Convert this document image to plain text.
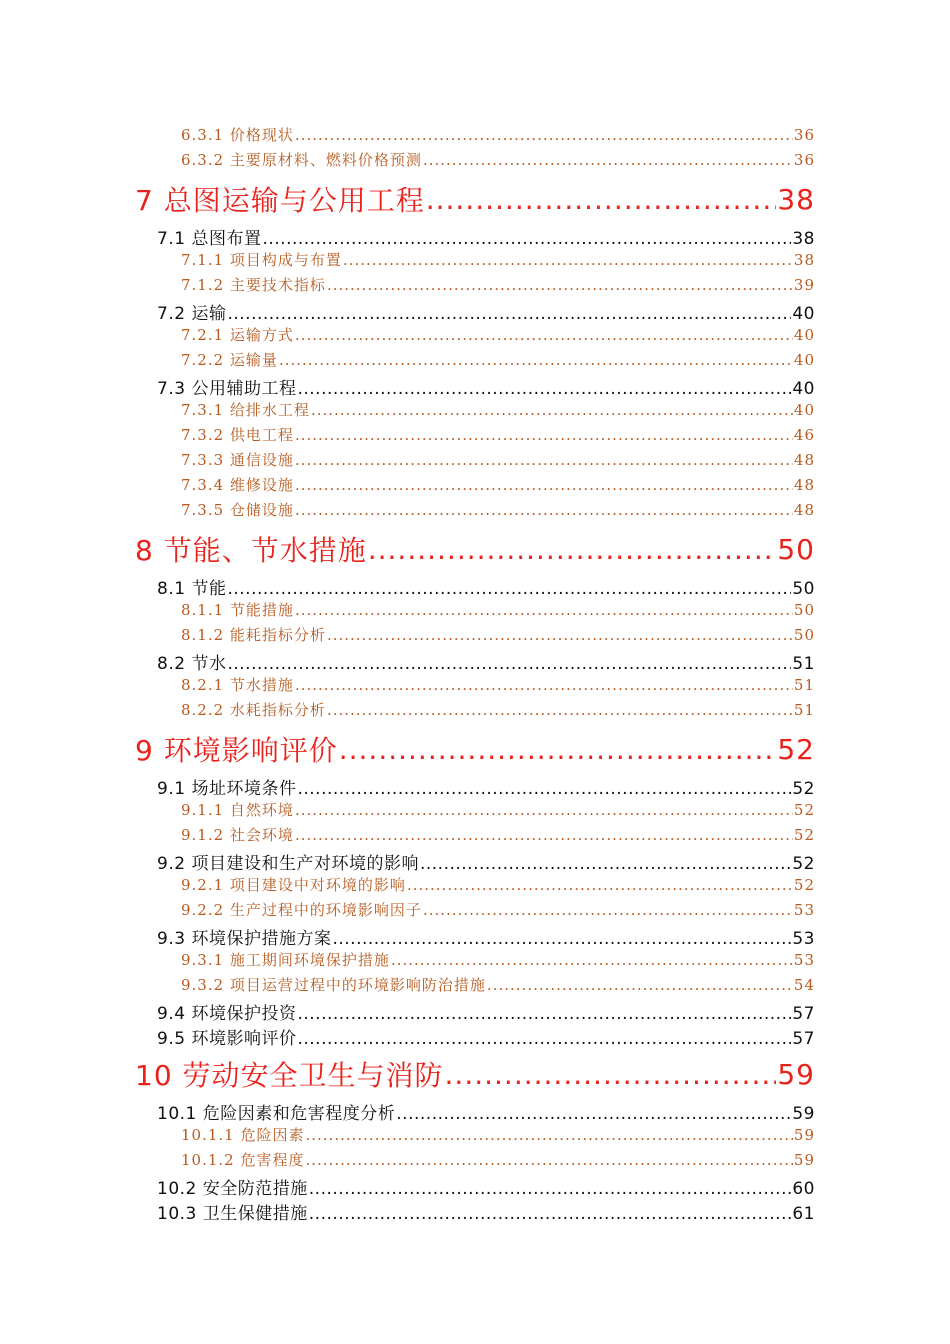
6.3.1 价格现状 .....	36
6.3.2 主要原材料、燃料价格预测 .....	36
7 总图运输与公用工程 .....	38
7.1 总图布置 .....	38
7.1.1 项目构成与布置 .....	38
7.1.2 主要技术指标 .....	39
7.2 运输 .....	40
7.2.1 运输方式 .....	40
7.2.2 运输量 .....	40
7.3 公用辅助工程 .....	40
7.3.1 给排水工程 .....	40
7.3.2 供电工程 .....	46
7.3.3 通信设施 .....	48
7.3.4 维修设施 .....	48
7.3.5 仓储设施 .....	48
8 节能、节水措施 .....	50
8.1 节能 .....	50
8.1.1 节能措施 .....	50
8.1.2 能耗指标分析 .....	50
8.2 节水 .....	51
8.2.1 节水措施 .....	51
8.2.2 水耗指标分析 .....	51
9 环境影响评价 .....	52
9.1 场址环境条件 .....	52
9.1.1 自然环境 .....	52
9.1.2 社会环境 .....	52
9.2 项目建设和生产对环境的影响 .....	52
9.2.1 项目建设中对环境的影响 .....	52
9.2.2 生产过程中的环境影响因子 .....	53
9.3 环境保护措施方案 .....	53
9.3.1 施工期间环境保护措施 .....	53
9.3.2 项目运营过程中的环境影响防治措施 .....	54
9.4 环境保护投资 .....	57
9.5 环境影响评价 .....	57
10 劳动安全卫生与消防 .....	59
10.1 危险因素和危害程度分析 .....	59
10.1.1 危险因素 .....	59
10.1.2 危害程度 .....	59
10.2 安全防范措施 .....	60
10.3 卫生保健措施 .....	61
